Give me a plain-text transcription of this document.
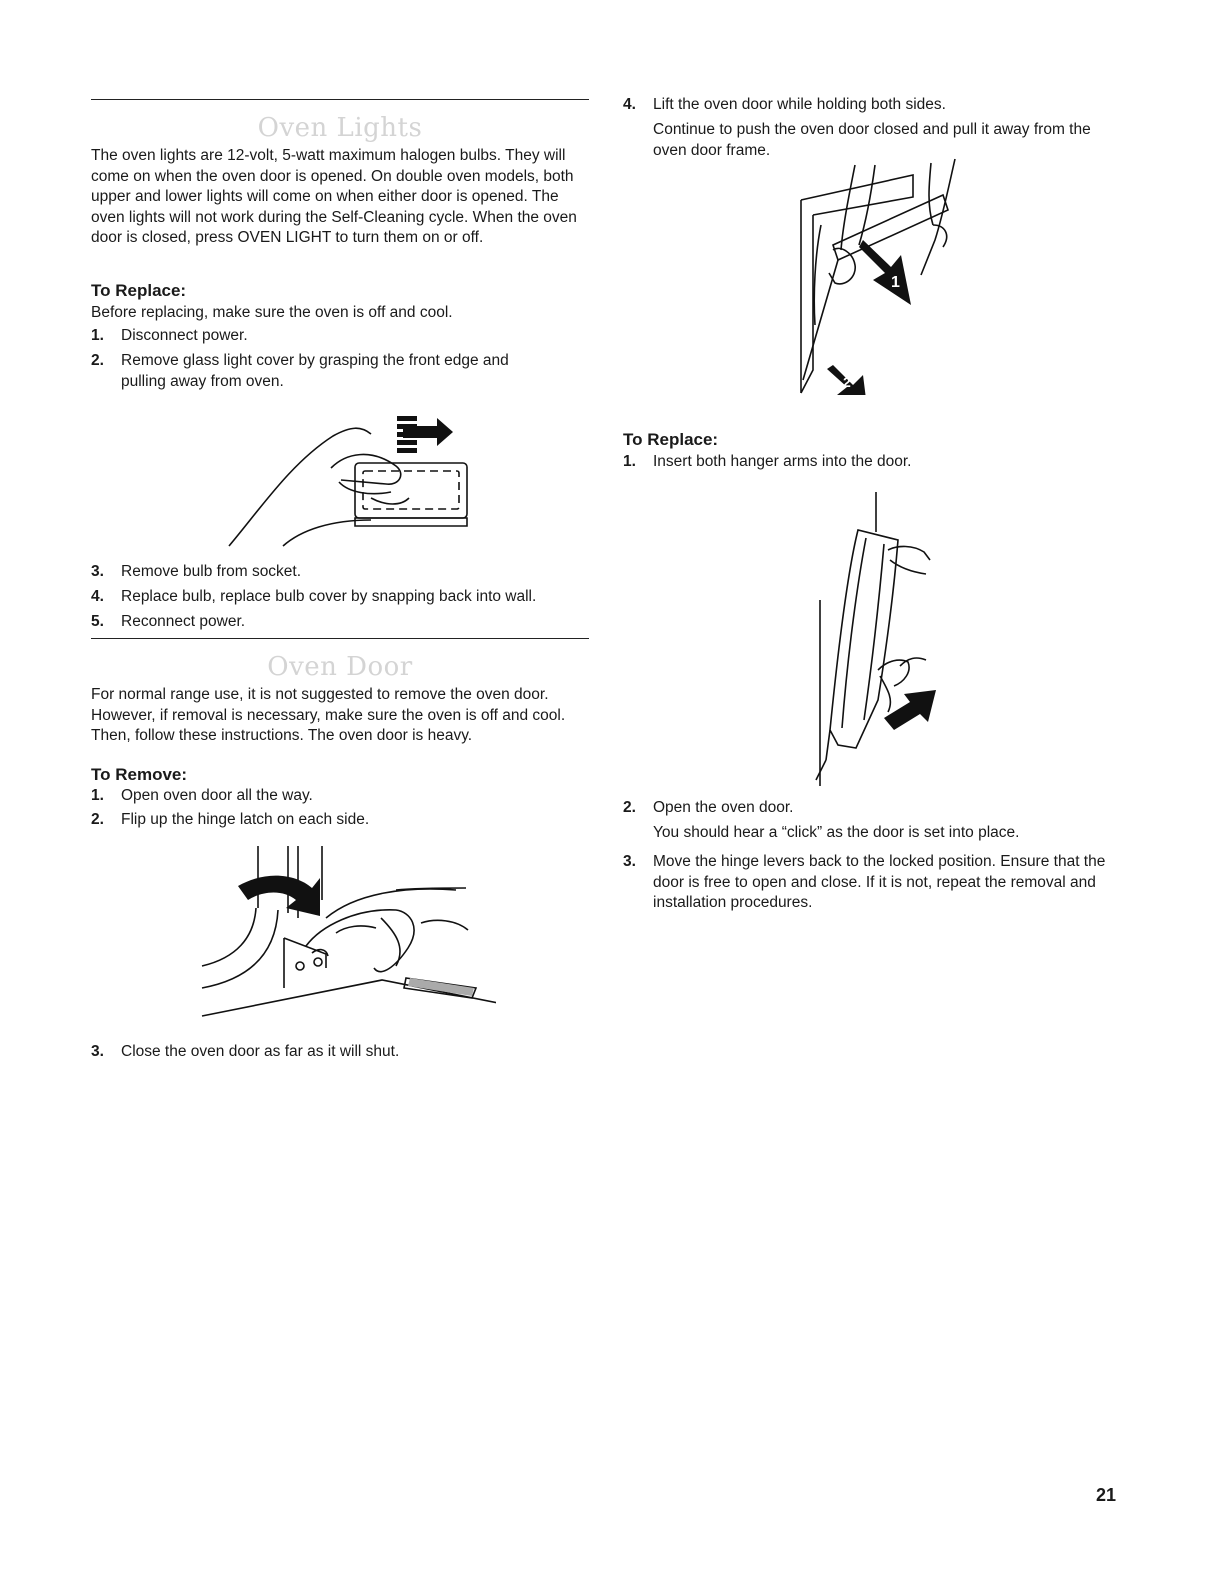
Oven Lights

The oven lights are 12-volt, 5-watt maximum halogen bulbs. They will come on when the oven door is opened. On double oven models, both upper and lower lights will come on when either door is opened. The oven lights will not work during the Self-Cleaning cycle. When the oven door is closed, press OVEN LIGHT to turn them on or off.

To Replace:

Before replacing, make sure the oven is off and cool.

1. Disconnect power.
2. Remove glass light cover by grasping the front edge and pulling away from oven.
3. Remove bulb from socket.
4. Replace bulb, replace bulb cover by snapping back into wall.
5. Reconnect power.
Oven Door

For normal range use, it is not suggested to remove the oven door. However, if removal is necessary, make sure the oven is off and cool. Then, follow these instructions. The oven door is heavy.

To Remove:
1. Open oven door all the way.
2. Flip up the hinge latch on each side.
3. Close the oven door as far as it will shut.
4. Lift the oven door while holding both sides.

Continue to push the oven door closed and pull it away from the oven door frame.

1
2
To Replace:
1. Insert both hanger arms into the door.
2. Open the oven door.

You should hear a “click” as the door is set into place.

3. Move the hinge levers back to the locked position. Ensure that the door is free to open and close. If it is not, repeat the removal and installation procedures.
21
